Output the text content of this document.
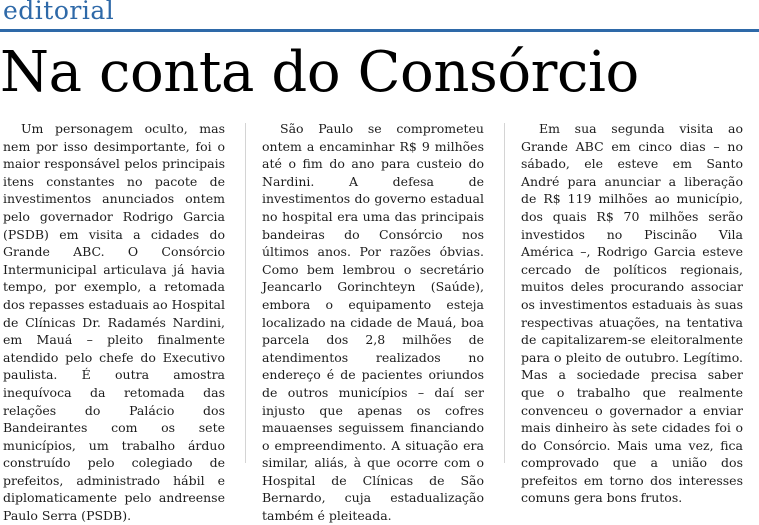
editorial
Na conta do Consórcio

Um personagem oculto, mas nem por isso desimportante, foi o maior responsável pelos principais itens constantes no pacote de investimentos anunciados ontem pelo governador Rodrigo Garcia (PSDB) em visita a cidades do Grande ABC. O Consórcio Intermunicipal articulava já havia tempo, por exemplo, a retomada dos repasses estaduais ao Hospital de Clínicas Dr. Radamés Nardini, em Mauá – pleito finalmente atendido pelo chefe do Executivo paulista. É outra amostra inequívoca da retomada das relações do Palácio dos Bandeirantes com os sete municípios, um trabalho árduo construído pelo colegiado de prefeitos, administrado hábil e diplomaticamente pelo andreense Paulo Serra (PSDB).

São Paulo se comprometeu ontem a encaminhar R$ 9 milhões até o fim do ano para custeio do Nardini. A defesa de investimentos do governo estadual no hospital era uma das principais bandeiras do Consórcio nos últimos anos. Por razões óbvias. Como bem lembrou o secretário Jeancarlo Gorinchteyn (Saúde), embora o equipamento esteja localizado na cidade de Mauá, boa parcela dos 2,8 milhões de atendimentos realizados no endereço é de pacientes oriundos de outros municípios – daí ser injusto que apenas os cofres mauaenses seguissem financiando o empreendimento. A situação era similar, aliás, à que ocorre com o Hospital de Clínicas de São Bernardo, cuja estadualização também é pleiteada.

Em sua segunda visita ao Grande ABC em cinco dias – no sábado, ele esteve em Santo André para anunciar a liberação de R$ 119 milhões ao município, dos quais R$ 70 milhões serão investidos no Piscinão Vila América –, Rodrigo Garcia esteve cercado de políticos regionais, muitos deles procurando associar os investimentos estaduais às suas respectivas atuações, na tentativa de capitalizarem-se eleitoralmente para o pleito de outubro. Legítimo. Mas a sociedade precisa saber que o trabalho que realmente convenceu o governador a enviar mais dinheiro às sete cidades foi o do Consórcio. Mais uma vez, fica comprovado que a união dos prefeitos em torno dos interesses comuns gera bons frutos.
